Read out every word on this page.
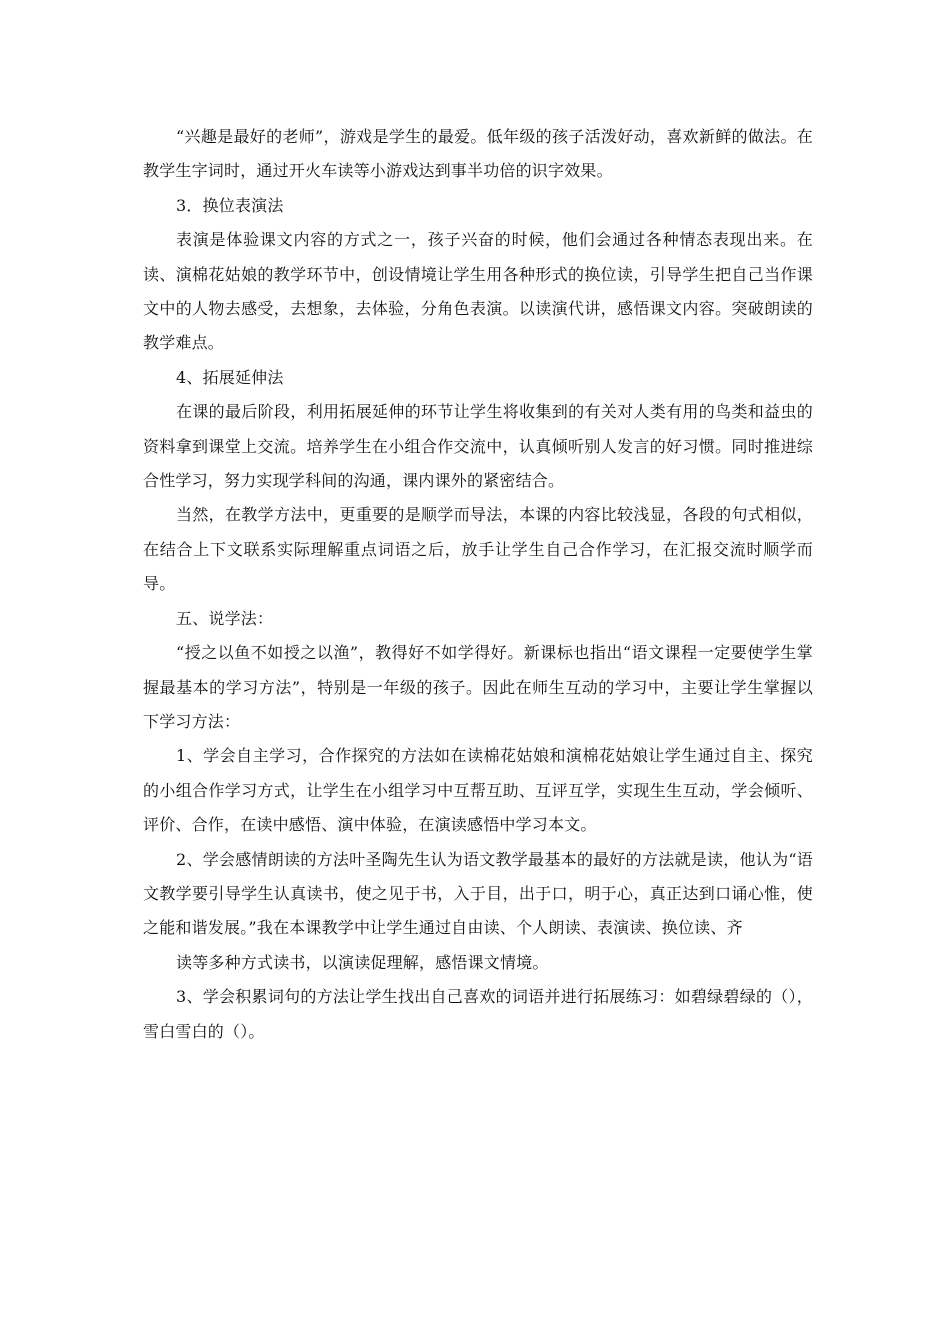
“兴趣是最好的老师”，游戏是学生的最爱。低年级的孩子活泼好动，喜欢新鲜的做法。在教学生字词时，通过开火车读等小游戏达到事半功倍的识字效果。

3．换位表演法

表演是体验课文内容的方式之一，孩子兴奋的时候，他们会通过各种情态表现出来。在读、演棉花姑娘的教学环节中，创设情境让学生用各种形式的换位读，引导学生把自己当作课文中的人物去感受，去想象，去体验，分角色表演。以读演代讲，感悟课文内容。突破朗读的教学难点。

4、拓展延伸法

在课的最后阶段，利用拓展延伸的环节让学生将收集到的有关对人类有用的鸟类和益虫的资料拿到课堂上交流。培养学生在小组合作交流中，认真倾听别人发言的好习惯。同时推进综合性学习，努力实现学科间的沟通，课内课外的紧密结合。

当然，在教学方法中，更重要的是顺学而导法，本课的内容比较浅显，各段的句式相似，在结合上下文联系实际理解重点词语之后，放手让学生自己合作学习，在汇报交流时顺学而导。

五、说学法：

“授之以鱼不如授之以渔”，教得好不如学得好。新课标也指出“语文课程一定要使学生掌握最基本的学习方法”，特别是一年级的孩子。因此在师生互动的学习中，主要让学生掌握以下学习方法：

1、学会自主学习，合作探究的方法如在读棉花姑娘和演棉花姑娘让学生通过自主、探究的小组合作学习方式，让学生在小组学习中互帮互助、互评互学，实现生生互动，学会倾听、评价、合作，在读中感悟、演中体验，在演读感悟中学习本文。

2、学会感情朗读的方法叶圣陶先生认为语文教学最基本的最好的方法就是读，他认为“语文教学要引导学生认真读书，使之见于书，入于目，出于口，明于心，真正达到口诵心惟，使之能和谐发展。”我在本课教学中让学生通过自由读、个人朗读、表演读、换位读、齐

读等多种方式读书，以演读促理解，感悟课文情境。

3、学会积累词句的方法让学生找出自己喜欢的词语并进行拓展练习：如碧绿碧绿的（），雪白雪白的（）。
